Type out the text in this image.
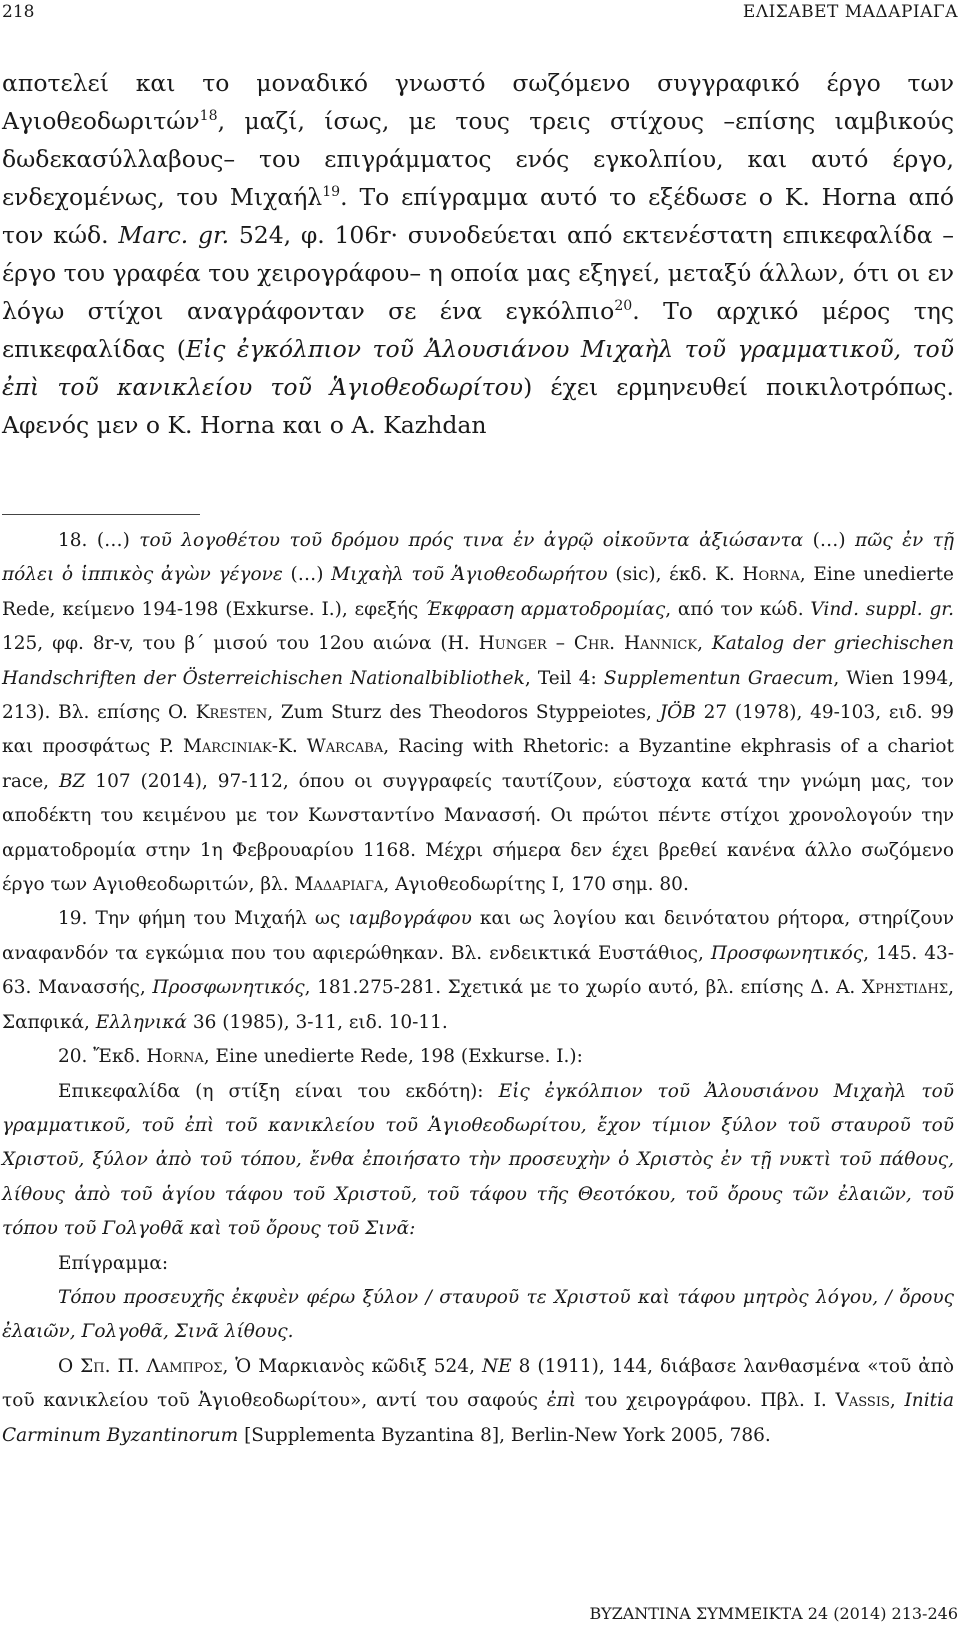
218	ΕΛΙΣΑΒΕΤ ΜΑΔΑΡΙΑΓΑ

αποτελεί και το μοναδικό γνωστό σωζόμενο συγγραφικό έργο των Αγιοθεοδωριτών$^{18}$, μαζί, ίσως, με τους τρεις στίχους –επίσης ιαμβικούς δωδεκασύλλαβους– του επιγράμματος ενός εγκολπίου, και αυτό έργο, ενδεχομένως, του Μιχαήλ$^{19}$. Το επίγραμμα αυτό το εξέδωσε ο K. Horna από τον κώδ. Marc. gr. 524, φ. 106r· συνοδεύεται από εκτενέστατη επικεφαλίδα –έργο του γραφέα του χειρογράφου– η οποία μας εξηγεί, μεταξύ άλλων, ότι οι εν λόγω στίχοι αναγράφονταν σε ένα εγκόλπιο$^{20}$. Το αρχικό μέρος της επικεφαλίδας (Εἰς ἐγκόλπιον τοῦ Ἀλουσιάνου Μιχαὴλ τοῦ γραμματικοῦ, τοῦ ἐπὶ τοῦ κανικλείου τοῦ Ἁγιοθεοδωρίτου) έχει ερμηνευθεί ποικιλοτρόπως. Αφενός μεν ο K. Horna και ο A. Kazhdan

18. (…) τοῦ λογοθέτου τοῦ δρόμου πρός τινα ἐν ἀγρῷ οἰκοῦντα ἀξιώσαντα (…) πῶς ἐν τῇ πόλει ὁ ἱππικὸς ἀγὼν γέγονε (…) Μιχαὴλ τοῦ Ἁγιοθεοδωρήτου (sic), έκδ. K. Horna, Eine unedierte Rede, κείμενο 194-198 (Exkurse. I.), εφεξής Έκφραση αρματοδρομίας, από τον κώδ. Vind. suppl. gr. 125, φφ. 8r-v, του β´ μισού του 12ου αιώνα (H. Hunger – Chr. Hannick, Katalog der griechischen Handschriften der Österreichischen Nationalbibliothek, Teil 4: Supplementun Graecum, Wien 1994, 213). Βλ. επίσης O. Kresten, Zum Sturz des Theodoros Styppeiotes, JÖB 27 (1978), 49-103, ειδ. 99 και προσφάτως P. Marciniak-K. Warcaba, Racing with Rhetoric: a Byzantine ekphrasis of a chariot race, BZ 107 (2014), 97-112, όπου οι συγγραφείς ταυτίζουν, εύστοχα κατά την γνώμη μας, τον αποδέκτη του κειμένου με τον Κωνσταντίνο Μανασσή. Οι πρώτοι πέντε στίχοι χρονολογούν την αρματοδρομία στην 1η Φεβρουαρίου 1168. Μέχρι σήμερα δεν έχει βρεθεί κανένα άλλο σωζόμενο έργο των Αγιοθεοδωριτών, βλ. Μαδαριαγα, Αγιοθεοδωρίτης I, 170 σημ. 80.

19. Την φήμη του Μιχαήλ ως ιαμβογράφου και ως λογίου και δεινότατου ρήτορα, στηρίζουν αναφανδόν τα εγκώμια που του αφιερώθηκαν. Βλ. ενδεικτικά Ευστάθιος, Προσφωνητικός, 145. 43-63. Μανασσής, Προσφωνητικός, 181.275-281. Σχετικά με το χωρίο αυτό, βλ. επίσης Δ. Α. Χρηστιδης, Σαπφικά, Ελληνικά 36 (1985), 3-11, ειδ. 10-11.

20. Ἔκδ. Horna, Eine unedierte Rede, 198 (Exkurse. I.):

Επικεφαλίδα (η στίξη είναι του εκδότη): Εἰς ἐγκόλπιον τοῦ Ἀλουσιάνου Μιχαὴλ τοῦ γραμματικοῦ, τοῦ ἐπὶ τοῦ κανικλείου τοῦ Ἁγιοθεοδωρίτου, ἔχον τίμιον ξύλον τοῦ σταυροῦ τοῦ Χριστοῦ, ξύλον ἀπὸ τοῦ τόπου, ἔνθα ἐποιήσατο τὴν προσευχὴν ὁ Χριστὸς ἐν τῇ νυκτὶ τοῦ πάθους, λίθους ἀπὸ τοῦ ἁγίου τάφου τοῦ Χριστοῦ, τοῦ τάφου τῆς Θεοτόκου, τοῦ ὄρους τῶν ἐλαιῶν, τοῦ τόπου τοῦ Γολγοθᾶ καὶ τοῦ ὄρους τοῦ Σινᾶ:

Επίγραμμα:

Τόπου προσευχῆς ἐκφυὲν φέρω ξύλον / σταυροῦ τε Χριστοῦ καὶ τάφου μητρὸς λόγου, / ὄρους ἐλαιῶν, Γολγοθᾶ, Σινᾶ λίθους.

Ο Σπ. Π. Λαμπρος, Ὁ Μαρκιανὸς κῶδιξ 524, ΝΕ 8 (1911), 144, διάβασε λανθασμένα «τοῦ ἀπὸ τοῦ κανικλείου τοῦ Ἁγιοθεοδωρίτου», αντί του σαφούς ἐπὶ του χειρογράφου. Πβλ. I. Vassis, Initia Carminum Byzantinorum [Supplementa Byzantina 8], Berlin-New York 2005, 786.

BYZANTINA ΣΥΜΜΕΙΚΤΑ 24 (2014) 213-246
